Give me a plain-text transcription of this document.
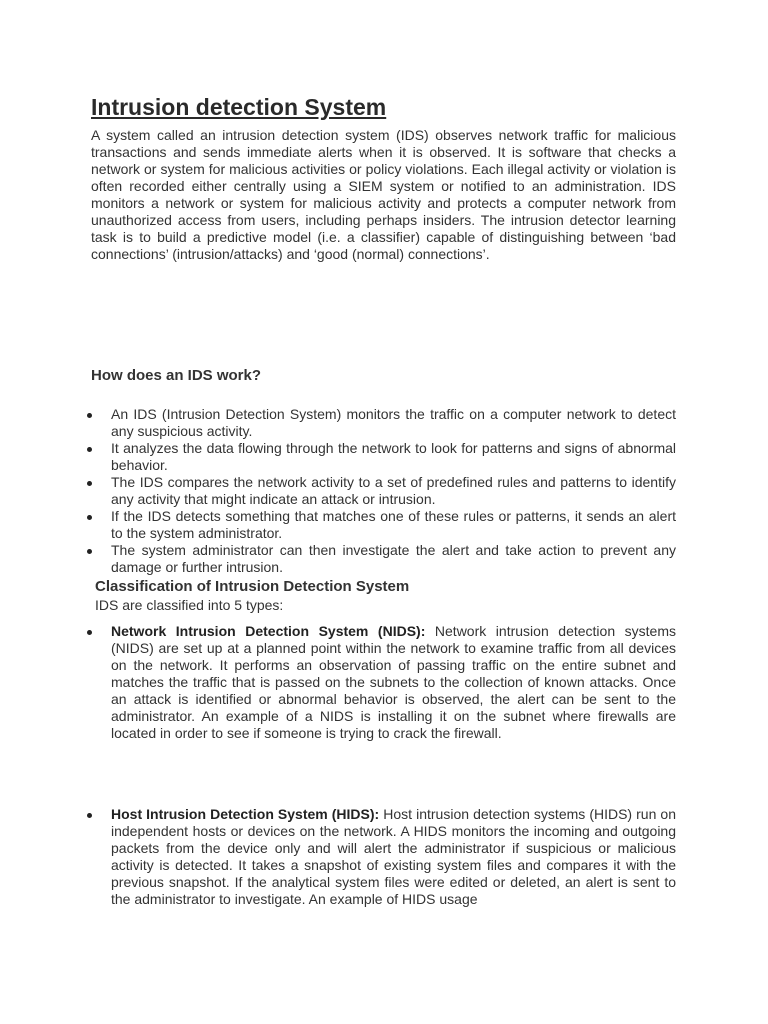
Intrusion detection System

A system called an intrusion detection system (IDS) observes network traffic for malicious transactions and sends immediate alerts when it is observed. It is software that checks a network or system for malicious activities or policy violations. Each illegal activity or violation is often recorded either centrally using a SIEM system or notified to an administration. IDS monitors a network or system for malicious activity and protects a computer network from unauthorized access from users, including perhaps insiders. The intrusion detector learning task is to build a predictive model (i.e. a classifier) capable of distinguishing between ‘bad connections’ (intrusion/attacks) and ‘good (normal) connections’.

How does an IDS work?
An IDS (Intrusion Detection System) monitors the traffic on a computer network to detect any suspicious activity.
It analyzes the data flowing through the network to look for patterns and signs of abnormal behavior.
The IDS compares the network activity to a set of predefined rules and patterns to identify any activity that might indicate an attack or intrusion.
If the IDS detects something that matches one of these rules or patterns, it sends an alert to the system administrator.
The system administrator can then investigate the alert and take action to prevent any damage or further intrusion.
Classification of Intrusion Detection System

IDS are classified into 5 types:

Network Intrusion Detection System (NIDS): Network intrusion detection systems (NIDS) are set up at a planned point within the network to examine traffic from all devices on the network. It performs an observation of passing traffic on the entire subnet and matches the traffic that is passed on the subnets to the collection of known attacks. Once an attack is identified or abnormal behavior is observed, the alert can be sent to the administrator. An example of a NIDS is installing it on the subnet where firewalls are located in order to see if someone is trying to crack the firewall.
Host Intrusion Detection System (HIDS): Host intrusion detection systems (HIDS) run on independent hosts or devices on the network. A HIDS monitors the incoming and outgoing packets from the device only and will alert the administrator if suspicious or malicious activity is detected. It takes a snapshot of existing system files and compares it with the previous snapshot. If the analytical system files were edited or deleted, an alert is sent to the administrator to investigate. An example of HIDS usage
